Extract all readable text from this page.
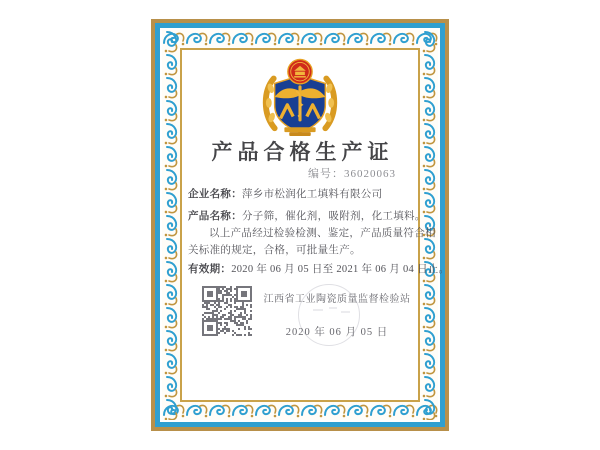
产品合格生产证
编号：36020063
企业名称：萍乡市松润化工填料有限公司
产品名称：分子筛，催化剂，吸附剂，化工填料。
以上产品经过检验检测、鉴定，产品质量符合相
关标准的规定，合格，可批量生产。
有效期：2020 年 06 月 05 日至 2021 年 06 月 04 日止。
江西省工业陶瓷质量监督检验站
2020 年 06 月 05 日
